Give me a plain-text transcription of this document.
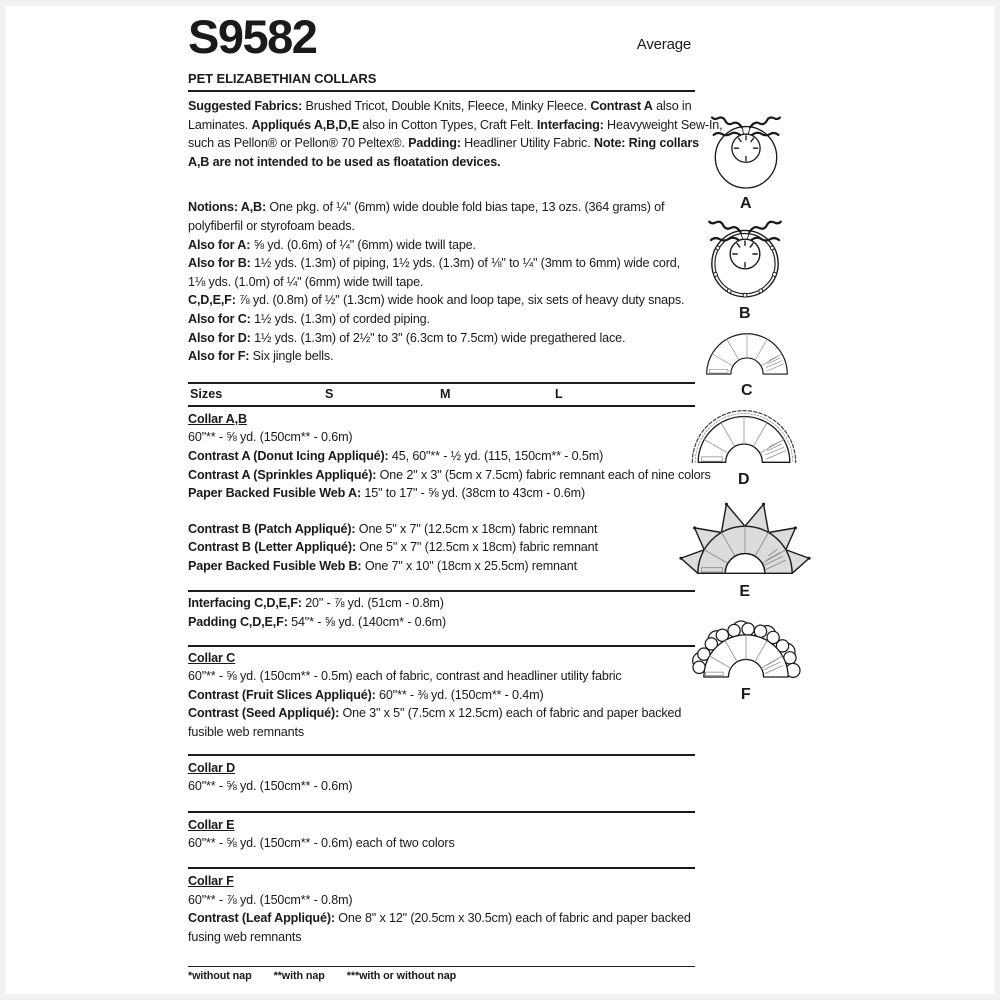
S9582	Average
PET ELIZABETHIAN COLLARS
Suggested Fabrics: Brushed Tricot, Double Knits, Fleece, Minky Fleece. Contrast A also in
Laminates. Appliqués A,B,D,E also in Cotton Types, Craft Felt. Interfacing: Heavyweight Sew-In,
such as Pellon® or Pellon® 70 Peltex®. Padding: Headliner Utility Fabric. Note: Ring collars
A,B are not intended to be used as floatation devices.
Notions: A,B: One pkg. of ¼" (6mm) wide double fold bias tape, 13 ozs. (364 grams) of
polyfiberfil or styrofoam beads.
Also for A: ⅝ yd. (0.6m) of ¼" (6mm) wide twill tape.
Also for B: 1½ yds. (1.3m) of piping, 1½ yds. (1.3m) of ⅛" to ¼" (3mm to 6mm) wide cord,
1⅛ yds. (1.0m) of ¼" (6mm) wide twill tape.
C,D,E,F: ⅞ yd. (0.8m) of ½" (1.3cm) wide hook and loop tape, six sets of heavy duty snaps.
Also for C: 1½ yds. (1.3m) of corded piping.
Also for D: 1½ yds. (1.3m) of 2½" to 3" (6.3cm to 7.5cm) wide pregathered lace.
Also for F: Six jingle bells.
Sizes	S	M	L
Collar A,B
60"** - ⅝ yd. (150cm** - 0.6m)
Contrast A (Donut Icing Appliqué): 45, 60"** - ½ yd. (115, 150cm** - 0.5m)
Contrast A (Sprinkles Appliqué): One 2" x 3" (5cm x 7.5cm) fabric remnant each of nine colors
Paper Backed Fusible Web A: 15" to 17" - ⅝ yd. (38cm to 43cm - 0.6m)
Contrast B (Patch Appliqué): One 5" x 7" (12.5cm x 18cm) fabric remnant
Contrast B (Letter Appliqué): One 5" x 7" (12.5cm x 18cm) fabric remnant
Paper Backed Fusible Web B: One 7" x 10" (18cm x 25.5cm) remnant
Interfacing C,D,E,F: 20" - ⅞ yd. (51cm - 0.8m)
Padding C,D,E,F: 54"* - ⅝ yd. (140cm* - 0.6m)
Collar C
60"** - ⅝ yd. (150cm** - 0.5m) each of fabric, contrast and headliner utility fabric
Contrast (Fruit Slices Appliqué): 60"** - ⅜ yd. (150cm** - 0.4m)
Contrast (Seed Appliqué): One 3" x 5" (7.5cm x 12.5cm) each of fabric and paper backed
fusible web remnants
Collar D
60"** - ⅝ yd. (150cm** - 0.6m)
Collar E
60"** - ⅝ yd. (150cm** - 0.6m) each of two colors
Collar F
60"** - ⅞ yd. (150cm** - 0.8m)
Contrast (Leaf Appliqué): One 8" x 12" (20.5cm x 30.5cm) each of fabric and paper backed
fusing web remnants
*without nap **with nap ***with or without nap
A
B
C
D
E
F
